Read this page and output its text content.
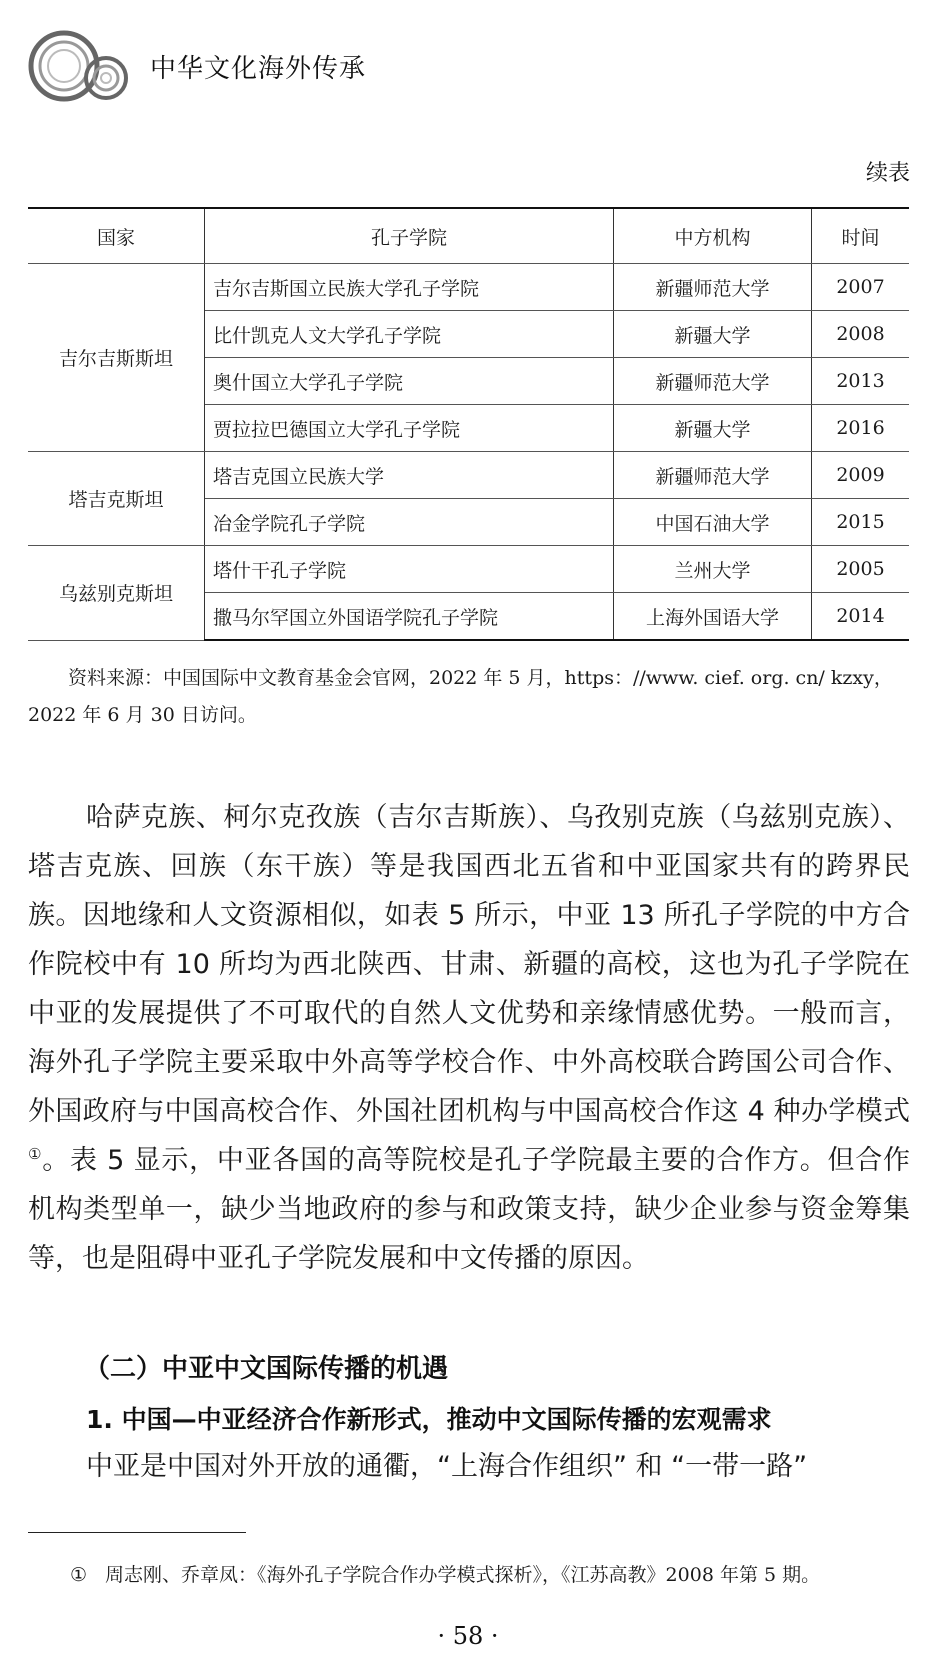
中华文化海外传承
续表
国家	孔子学院	中方机构	时间
吉尔吉斯斯坦	吉尔吉斯国立民族大学孔子学院	新疆师范大学	2007
	比什凯克人文大学孔子学院	新疆大学	2008
	奥什国立大学孔子学院	新疆师范大学	2013
	贾拉拉巴德国立大学孔子学院	新疆大学	2016
塔吉克斯坦	塔吉克国立民族大学	新疆师范大学	2009
	冶金学院孔子学院	中国石油大学	2015
乌兹别克斯坦	塔什干孔子学院	兰州大学	2005
	撒马尔罕国立外国语学院孔子学院	上海外国语大学	2014
资料来源：中国国际中文教育基金会官网，2022 年 5 月，https：//www. cief. org. cn/ kzxy，2022 年 6 月 30 日访问。

哈萨克族、柯尔克孜族（吉尔吉斯族）、乌孜别克族（乌兹别克族）、塔吉克族、回族（东干族）等是我国西北五省和中亚国家共有的跨界民族。因地缘和人文资源相似，如表 5 所示，中亚 13 所孔子学院的中方合作院校中有 10 所均为西北陕西、甘肃、新疆的高校，这也为孔子学院在中亚的发展提供了不可取代的自然人文优势和亲缘情感优势。一般而言，海外孔子学院主要采取中外高等学校合作、中外高校联合跨国公司合作、外国政府与中国高校合作、外国社团机构与中国高校合作这 4 种办学模式①。表 5 显示，中亚各国的高等院校是孔子学院最主要的合作方。但合作机构类型单一，缺少当地政府的参与和政策支持，缺少企业参与资金筹集等，也是阻碍中亚孔子学院发展和中文传播的原因。

（二）中亚中文国际传播的机遇
1. 中国—中亚经济合作新形式，推动中文国际传播的宏观需求
中亚是中国对外开放的通衢，“上海合作组织” 和 “一带一路”
① 周志刚、乔章凤：《海外孔子学院合作办学模式探析》，《江苏高教》2008 年第 5 期。
· 58 ·
